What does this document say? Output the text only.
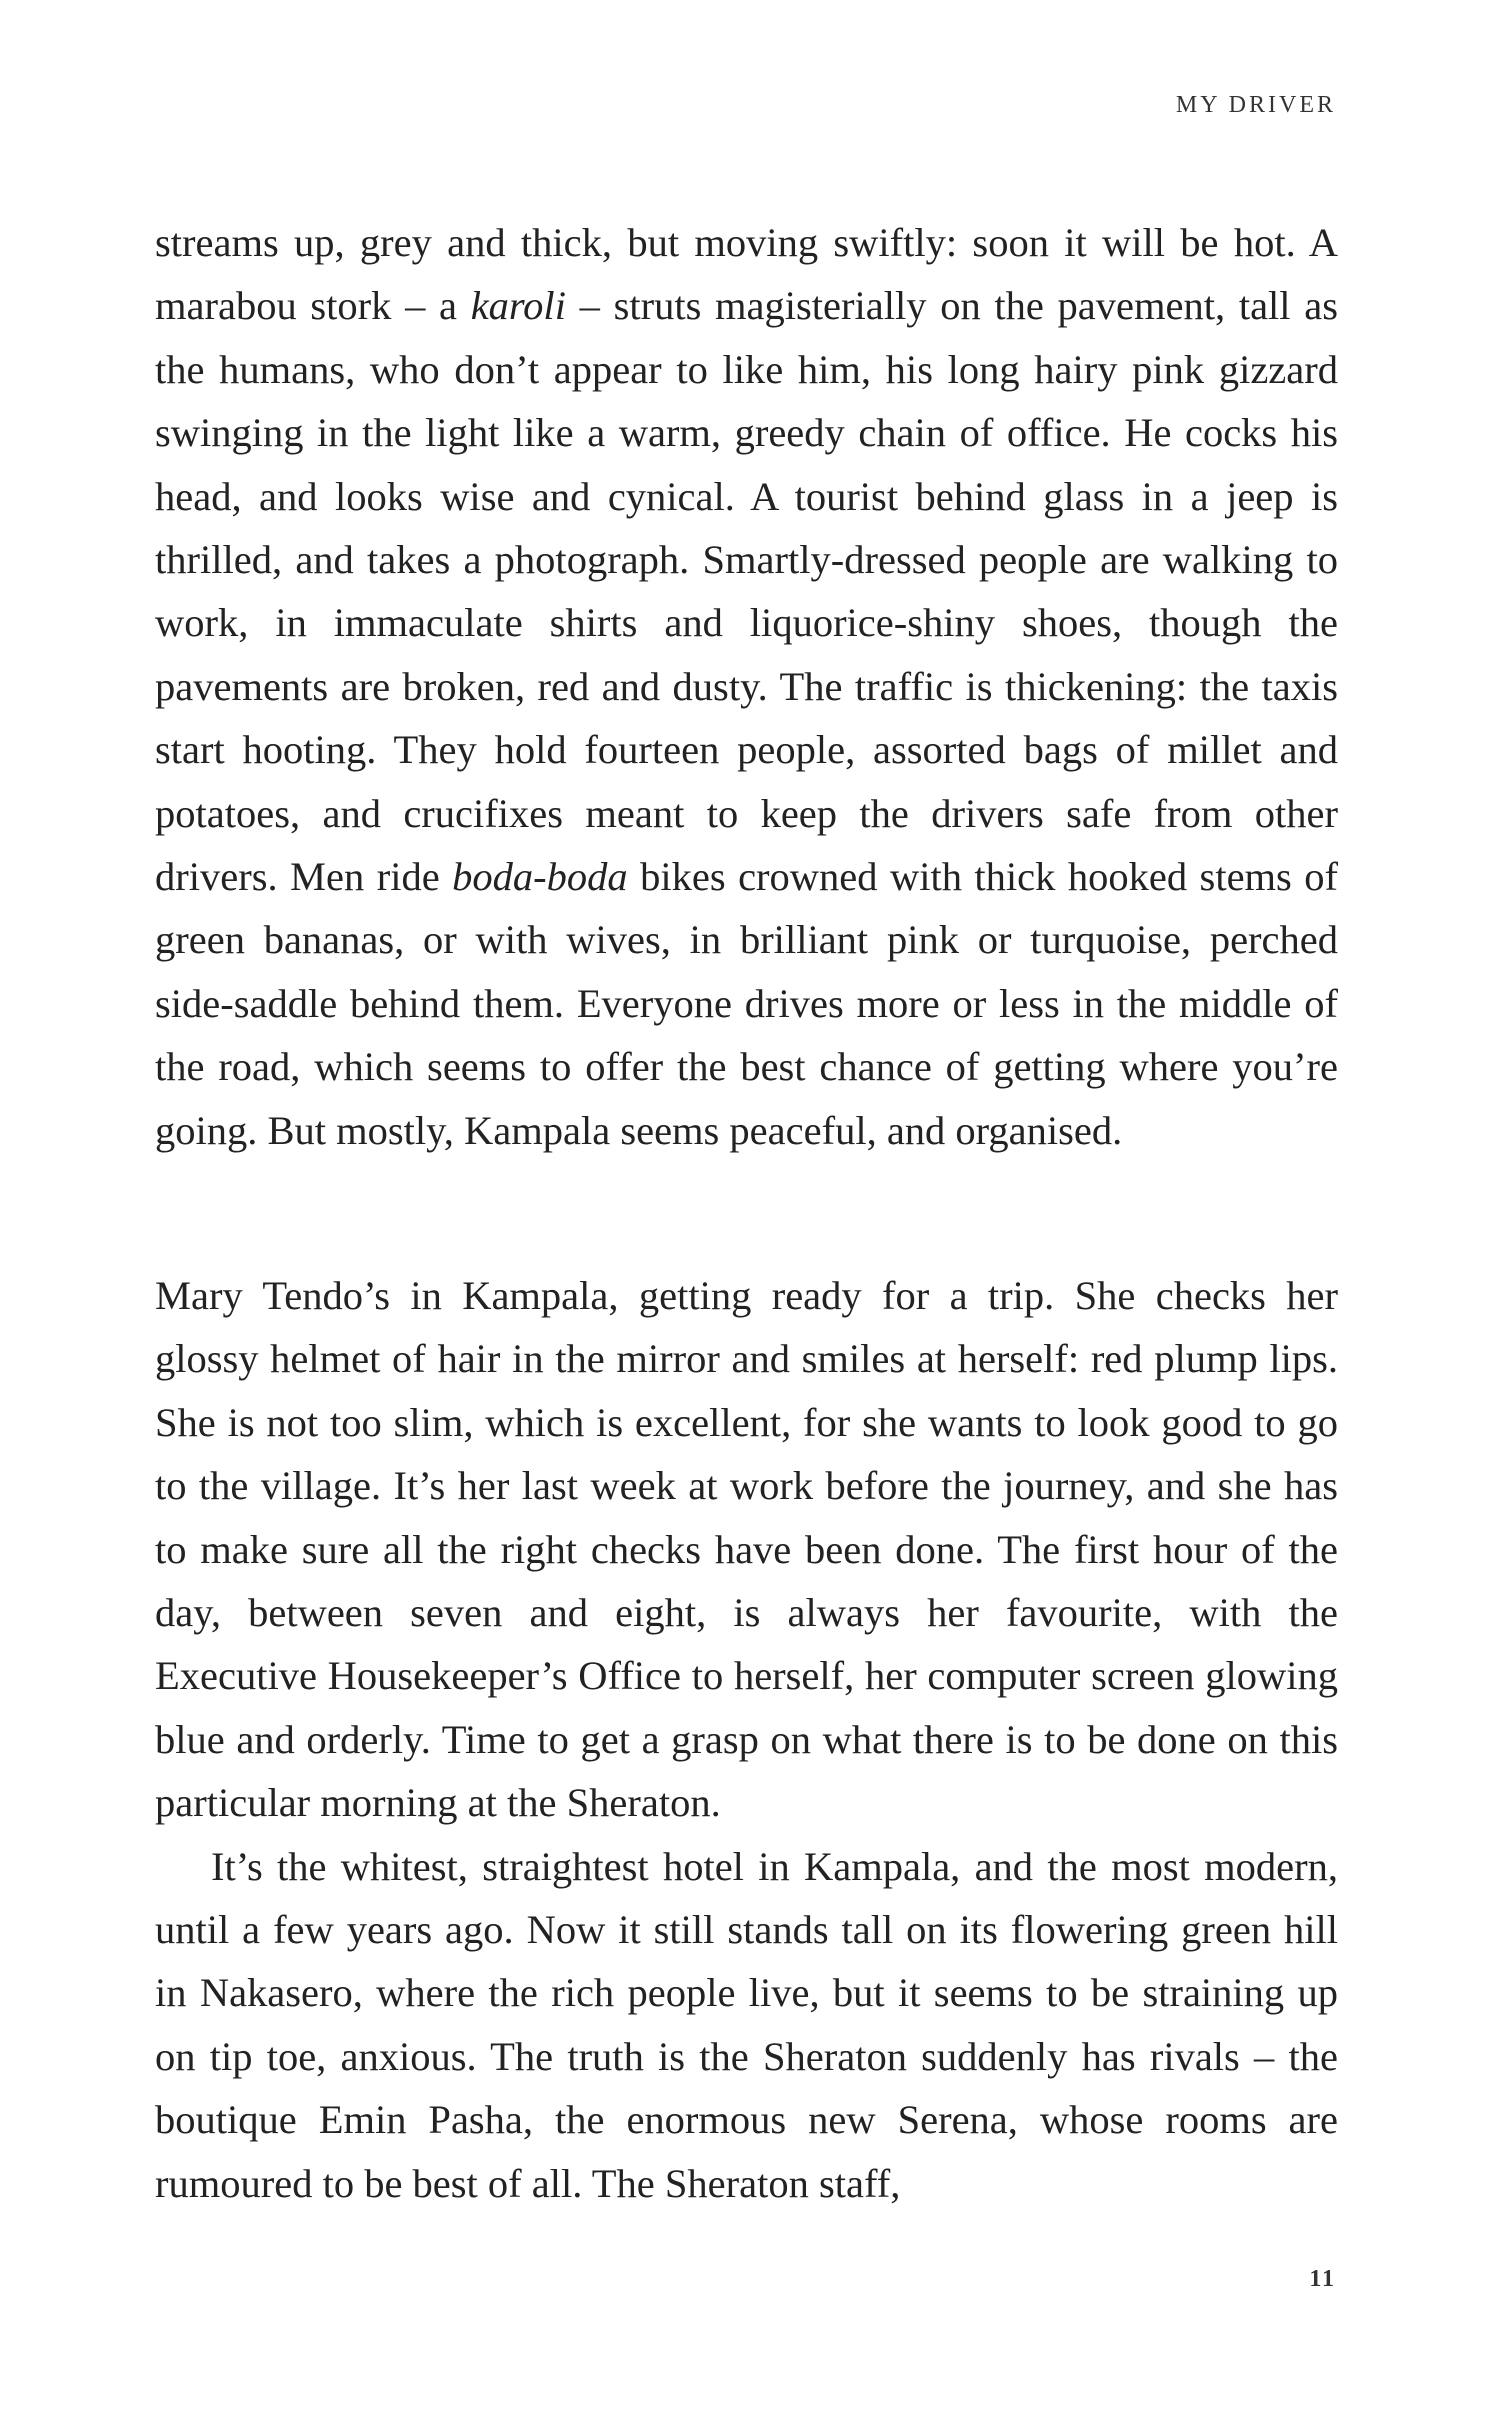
MY DRIVER

streams up, grey and thick, but moving swiftly: soon it will be hot. A marabou stork – a karoli – struts magisterially on the pavement, tall as the humans, who don’t appear to like him, his long hairy pink gizzard swinging in the light like a warm, greedy chain of office. He cocks his head, and looks wise and cynical. A tourist behind glass in a jeep is thrilled, and takes a photograph. Smartly-dressed people are walking to work, in immaculate shirts and liquorice-shiny shoes, though the pavements are broken, red and dusty. The traffic is thickening: the taxis start hooting. They hold fourteen people, assorted bags of millet and potatoes, and crucifixes meant to keep the drivers safe from other drivers. Men ride boda-boda bikes crowned with thick hooked stems of green bananas, or with wives, in brilliant pink or turquoise, perched side-saddle behind them. Everyone drives more or less in the middle of the road, which seems to offer the best chance of getting where you’re going. But mostly, Kampala seems peaceful, and organised.

Mary Tendo’s in Kampala, getting ready for a trip. She checks her glossy helmet of hair in the mirror and smiles at herself: red plump lips. She is not too slim, which is excellent, for she wants to look good to go to the village. It’s her last week at work before the journey, and she has to make sure all the right checks have been done. The first hour of the day, between seven and eight, is always her favourite, with the Executive Housekeeper’s Office to herself, her computer screen glowing blue and orderly. Time to get a grasp on what there is to be done on this particular morning at the Sheraton.

It’s the whitest, straightest hotel in Kampala, and the most modern, until a few years ago. Now it still stands tall on its flowering green hill in Nakasero, where the rich people live, but it seems to be straining up on tip toe, anxious. The truth is the Sheraton suddenly has rivals – the boutique Emin Pasha, the enormous new Serena, whose rooms are rumoured to be best of all. The Sheraton staff,

11
